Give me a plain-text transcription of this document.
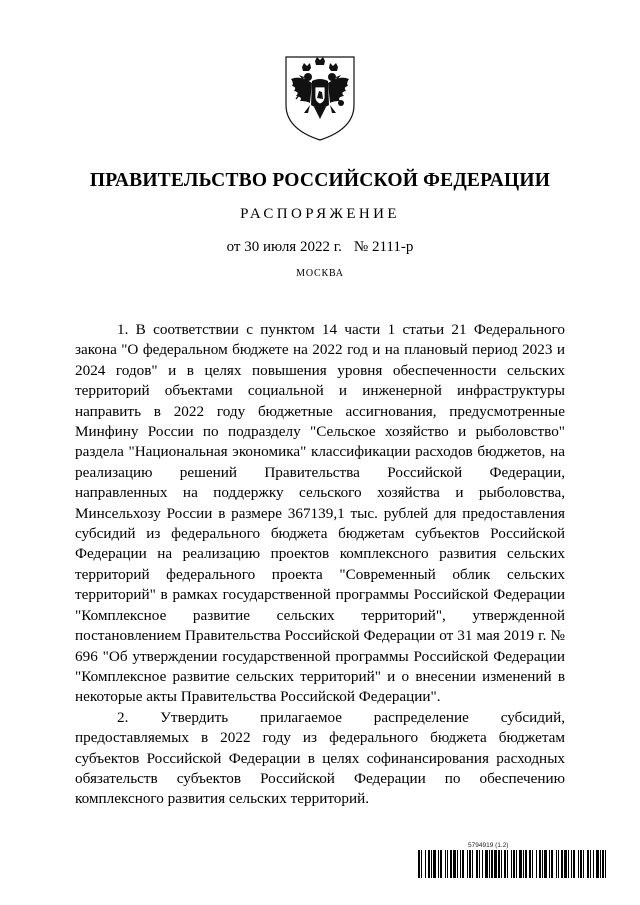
ПРАВИТЕЛЬСТВО РОССИЙСКОЙ ФЕДЕРАЦИИ
РАСПОРЯЖЕНИЕ
от 30 июля 2022 г. № 2111-р
МОСКВА

1. В соответствии с пунктом 14 части 1 статьи 21 Федерального закона "О федеральном бюджете на 2022 год и на плановый период 2023 и 2024 годов" и в целях повышения уровня обеспеченности сельских территорий объектами социальной и инженерной инфраструктуры направить в 2022 году бюджетные ассигнования, предусмотренные Минфину России по подразделу "Сельское хозяйство и рыболовство" раздела "Национальная экономика" классификации расходов бюджетов, на реализацию решений Правительства Российской Федерации, направленных на поддержку сельского хозяйства и рыболовства, Минсельхозу России в размере 367139,1 тыс. рублей для предоставления субсидий из федерального бюджета бюджетам субъектов Российской Федерации на реализацию проектов комплексного развития сельских территорий федерального проекта "Современный облик сельских территорий" в рамках государственной программы Российской Федерации "Комплексное развитие сельских территорий", утвержденной постановлением Правительства Российской Федерации от 31 мая 2019 г. № 696 "Об утверждении государственной программы Российской Федерации "Комплексное развитие сельских территорий" и о внесении изменений в некоторые акты Правительства Российской Федерации".

2. Утвердить прилагаемое распределение субсидий, предоставляемых в 2022 году из федерального бюджета бюджетам субъектов Российской Федерации в целях софинансирования расходных обязательств субъектов Российской Федерации по обеспечению комплексного развития сельских территорий.

5794919 (1.2)
